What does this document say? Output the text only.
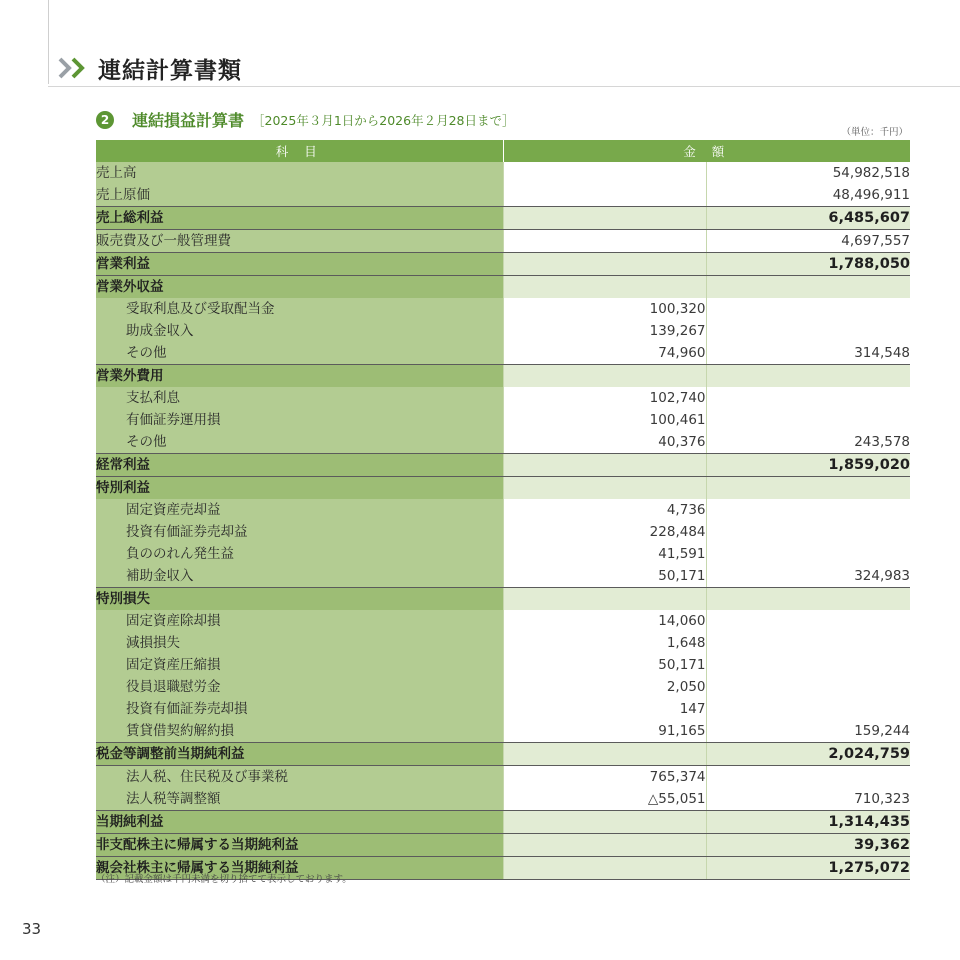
連結計算書類
2	連結損益計算書 ［2025年３月1日から2026年２月28日まで］
（単位：千円）
科 目	金 額	
売上高		54,982,518
売上原価		48,496,911
売上総利益		6,485,607
販売費及び一般管理費		4,697,557
営業利益		1,788,050
営業外収益		
受取利息及び受取配当金	100,320	
助成金収入	139,267	
その他	74,960	314,548
営業外費用		
支払利息	102,740	
有価証券運用損	100,461	
その他	40,376	243,578
経常利益		1,859,020
特別利益		
固定資産売却益	4,736	
投資有価証券売却益	228,484	
負ののれん発生益	41,591	
補助金収入	50,171	324,983
特別損失		
固定資産除却損	14,060	
減損損失	1,648	
固定資産圧縮損	50,171	
役員退職慰労金	2,050	
投資有価証券売却損	147	
賃貸借契約解約損	91,165	159,244
税金等調整前当期純利益		2,024,759
法人税、住民税及び事業税	765,374	
法人税等調整額	△55,051	710,323
当期純利益		1,314,435
非支配株主に帰属する当期純利益		39,362
親会社株主に帰属する当期純利益		1,275,072
（注）記載金額は千円未満を切り捨てて表示しております。
33
